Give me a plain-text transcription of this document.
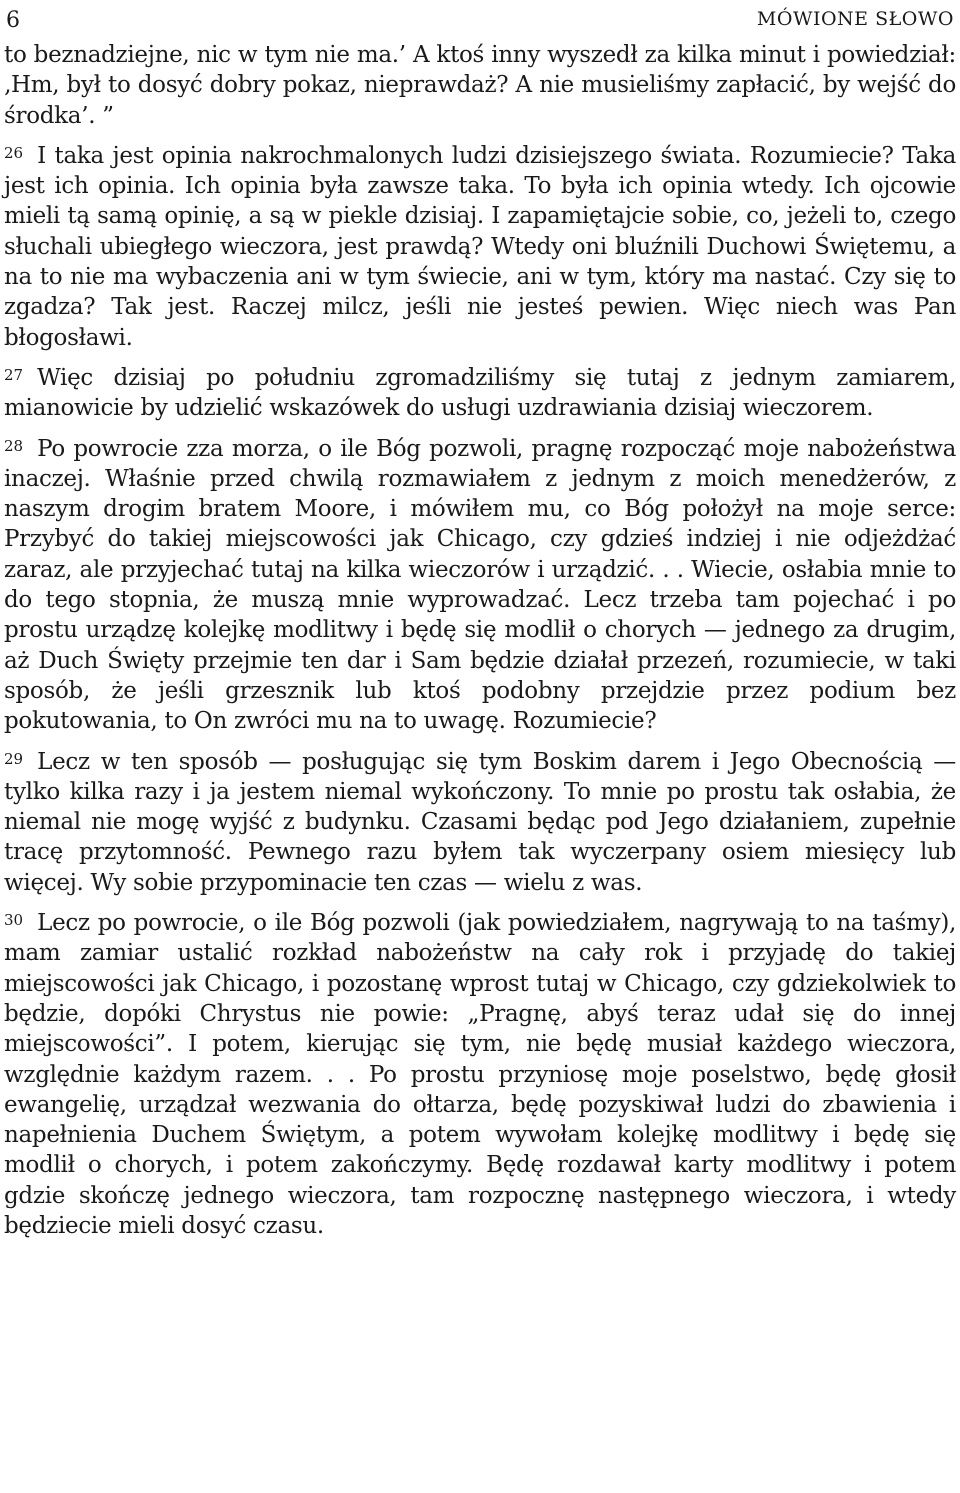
6	MÓWIONE SŁOWO

to beznadziejne, nic w tym nie ma.’ A ktoś inny wyszedł za kilka minut i powiedział: ‚Hm, był to dosyć dobry pokaz, nieprawdaż? A nie musieliśmy zapłacić, by wejść do środka’. ”

$^{26}$ I taka jest opinia nakrochmalonych ludzi dzisiejszego świata. Rozumiecie? Taka jest ich opinia. Ich opinia była zawsze taka. To była ich opinia wtedy. Ich ojcowie mieli tą samą opinię, a są w piekle dzisiaj. I zapamiętajcie sobie, co, jeżeli to, czego słuchali ubiegłego wieczora, jest prawdą? Wtedy oni bluźnili Duchowi Świętemu, a na to nie ma wybaczenia ani w tym świecie, ani w tym, który ma nastać. Czy się to zgadza? Tak jest. Raczej milcz, jeśli nie jesteś pewien. Więc niech was Pan błogosławi.

$^{27}$ Więc dzisiaj po południu zgromadziliśmy się tutaj z jednym zamiarem, mianowicie by udzielić wskazówek do usługi uzdrawiania dzisiaj wieczorem.

$^{28}$ Po powrocie zza morza, o ile Bóg pozwoli, pragnę rozpocząć moje nabożeństwa inaczej. Właśnie przed chwilą rozmawiałem z jednym z moich menedżerów, z naszym drogim bratem Moore, i mówiłem mu, co Bóg położył na moje serce: Przybyć do takiej miejscowości jak Chicago, czy gdzieś indziej i nie odjeżdżać zaraz, ale przyjechać tutaj na kilka wieczorów i urządzić. . . Wiecie, osłabia mnie to do tego stopnia, że muszą mnie wyprowadzać. Lecz trzeba tam pojechać i po prostu urządzę kolejkę modlitwy i będę się modlił o chorych — jednego za drugim, aż Duch Święty przejmie ten dar i Sam będzie działał przezeń, rozumiecie, w taki sposób, że jeśli grzesznik lub ktoś podobny przejdzie przez podium bez pokutowania, to On zwróci mu na to uwagę. Rozumiecie?

$^{29}$ Lecz w ten sposób — posługując się tym Boskim darem i Jego Obecnością — tylko kilka razy i ja jestem niemal wykończony. To mnie po prostu tak osłabia, że niemal nie mogę wyjść z budynku. Czasami będąc pod Jego działaniem, zupełnie tracę przytomność. Pewnego razu byłem tak wyczerpany osiem miesięcy lub więcej. Wy sobie przypominacie ten czas — wielu z was.

$^{30}$ Lecz po powrocie, o ile Bóg pozwoli (jak powiedziałem, nagrywają to na taśmy), mam zamiar ustalić rozkład nabożeństw na cały rok i przyjadę do takiej miejscowości jak Chicago, i pozostanę wprost tutaj w Chicago, czy gdziekolwiek to będzie, dopóki Chrystus nie powie: „Pragnę, abyś teraz udał się do innej miejscowości”. I potem, kierując się tym, nie będę musiał każdego wieczora, względnie każdym razem. . . Po prostu przyniosę moje poselstwo, będę głosił ewangelię, urządzał wezwania do ołtarza, będę pozyskiwał ludzi do zbawienia i napełnienia Duchem Świętym, a potem wywołam kolejkę modlitwy i będę się modlił o chorych, i potem zakończymy. Będę rozdawał karty modlitwy i potem gdzie skończę jednego wieczora, tam rozpocznę następnego wieczora, i wtedy będziecie mieli dosyć czasu.
